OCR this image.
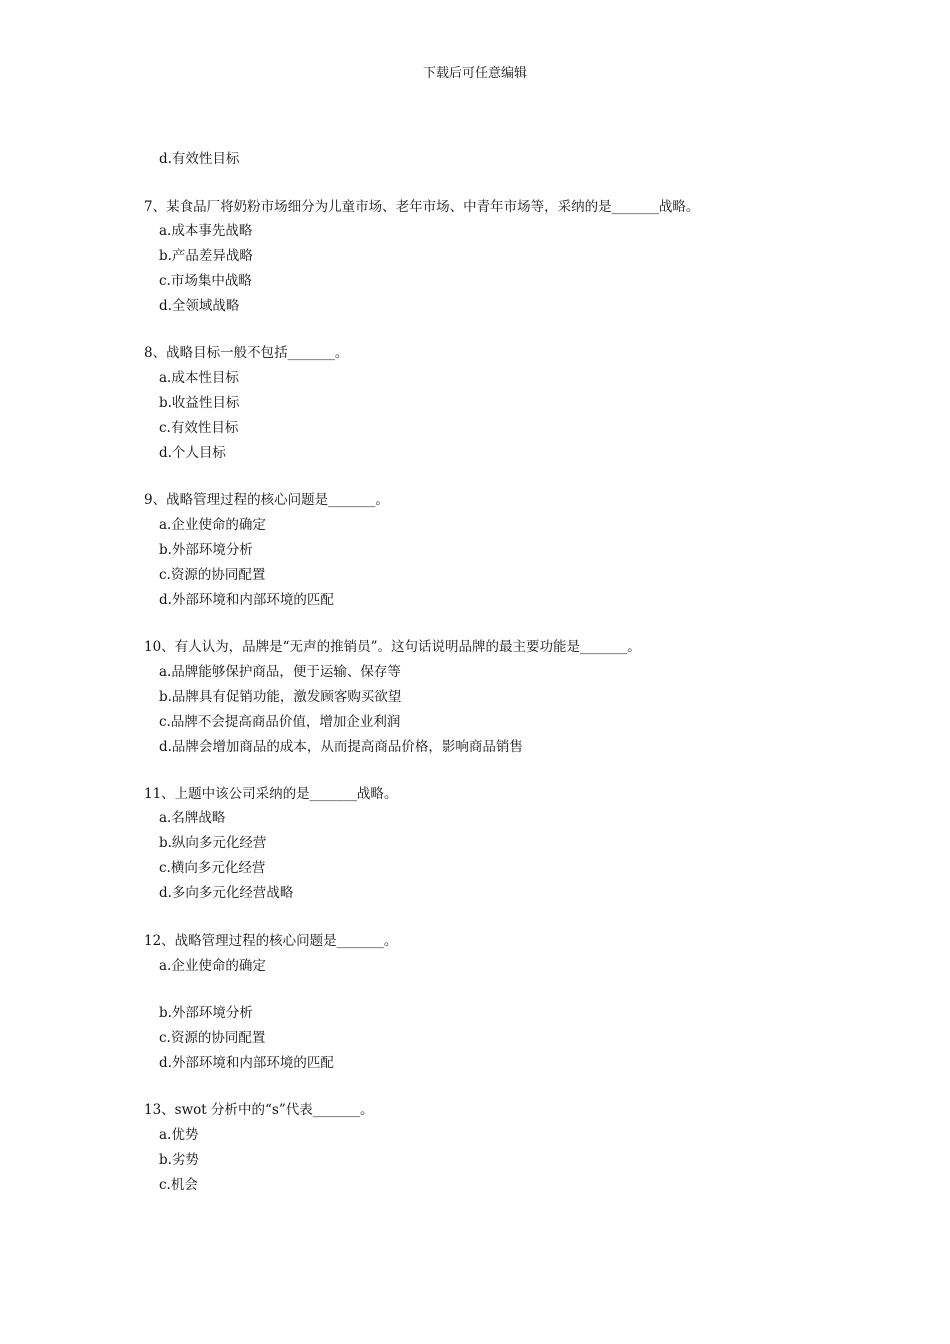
下载后可任意编辑
d.有效性目标
7、某食品厂将奶粉市场细分为儿童市场、老年市场、中青年市场等，采纳的是_______战略。
a.成本事先战略
b.产品差异战略
c.市场集中战略
d.全领域战略
8、战略目标一般不包括_______。
a.成本性目标
b.收益性目标
c.有效性目标
d.个人目标
9、战略管理过程的核心问题是_______。
a.企业使命的确定
b.外部环境分析
c.资源的协同配置
d.外部环境和内部环境的匹配
10、有人认为，品牌是“无声的推销员”。这句话说明品牌的最主要功能是_______。
a.品牌能够保护商品，便于运输、保存等
b.品牌具有促销功能，激发顾客购买欲望
c.品牌不会提高商品价值，增加企业利润
d.品牌会增加商品的成本，从而提高商品价格，影响商品销售
11、上题中该公司采纳的是_______战略。
a.名牌战略
b.纵向多元化经营
c.横向多元化经营
d.多向多元化经营战略
12、战略管理过程的核心问题是_______。
a.企业使命的确定
b.外部环境分析
c.资源的协同配置
d.外部环境和内部环境的匹配
13、swot 分析中的“s”代表_______。
a.优势
b.劣势
c.机会
